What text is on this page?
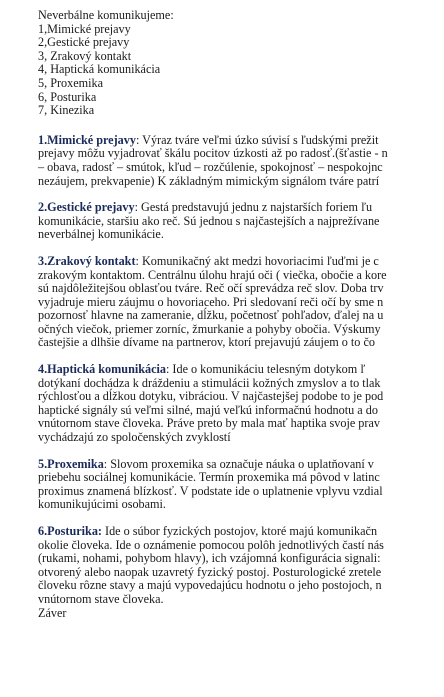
Neverbálne komunikujeme:

1,Mimické prejavy
2,Gestické prejavy
3, Zrakový kontakt
4, Haptická komunikácia
5, Proxemika
6, Posturika
7, Kinezika
1.Mimické prejavy: Výraz tváre veľmi úzko súvisí s ľudskými prežit
prejavy môžu vyjadrovať škálu pocitov úzkosti až po radosť.(šťastie - n
– obava, radosť – smútok, kľud – rozčúlenie, spokojnosť – nespokojnc
nezáujem, prekvapenie) K základným mimickým signálom tváre patrí
2.Gestické prejavy: Gestá predstavujú jednu z najstarších foriem ľu
komunikácie, staršiu ako reč. Sú jednou s najčastejších a najprežívane
neverbálnej komunikácie.
3.Zrakový kontakt: Komunikačný akt medzi hovoriacimi ľuďmi je c
zrakovým kontaktom. Centrálnu úlohu hrajú oči ( viečka, obočie a kore
sú najdôležitejšou oblasťou tváre. Reč očí sprevádza reč slov. Doba trv
vyjadruje mieru záujmu o hovoriaceho. Pri sledovaní reči očí by sme n
pozornosť hlavne na zameranie, dĺžku, početnosť pohľadov, ďalej na u
očných viečok, priemer zorníc, žmurkanie a pohyby obočia. Výskumy
častejšie a dlhšie dívame na partnerov, ktorí prejavujú záujem o to čo
4.Haptická komunikácia: Ide o komunikáciu telesným dotykom ľ
dotýkaní dochádza k dráždeniu a stimulácii kožných zmyslov a to tlak
rýchlosťou a dĺžkou dotyku, vibráciou. V najčastejšej podobe to je pod
haptické signály sú veľmi silné, majú veľkú informačnú hodnotu a do
vnútornom stave človeka. Práve preto by mala mať haptika svoje prav
vychádzajú zo spoločenských zvyklostí
5.Proxemika: Slovom proxemika sa označuje náuka o uplatňovaní v
priebehu sociálnej komunikácie. Termín proxemika má pôvod v latinc
proximus znamená blízkosť. V podstate ide o uplatnenie vplyvu vzdial
komunikujúcimi osobami.
6.Posturika: Ide o súbor fyzických postojov, ktoré majú komunikačn
okolie človeka. Ide o oznámenie pomocou polôh jednotlivých častí nás
(rukami, nohami, pohybom hlavy), ich vzájomná konfigurácia signali:
otvorený alebo naopak uzavretý fyzický postoj. Posturologické zretele
človeku rôzne stavy a majú vypovedajúcu hodnotu o jeho postojoch, n
vnútornom stave človeka.

Záver
